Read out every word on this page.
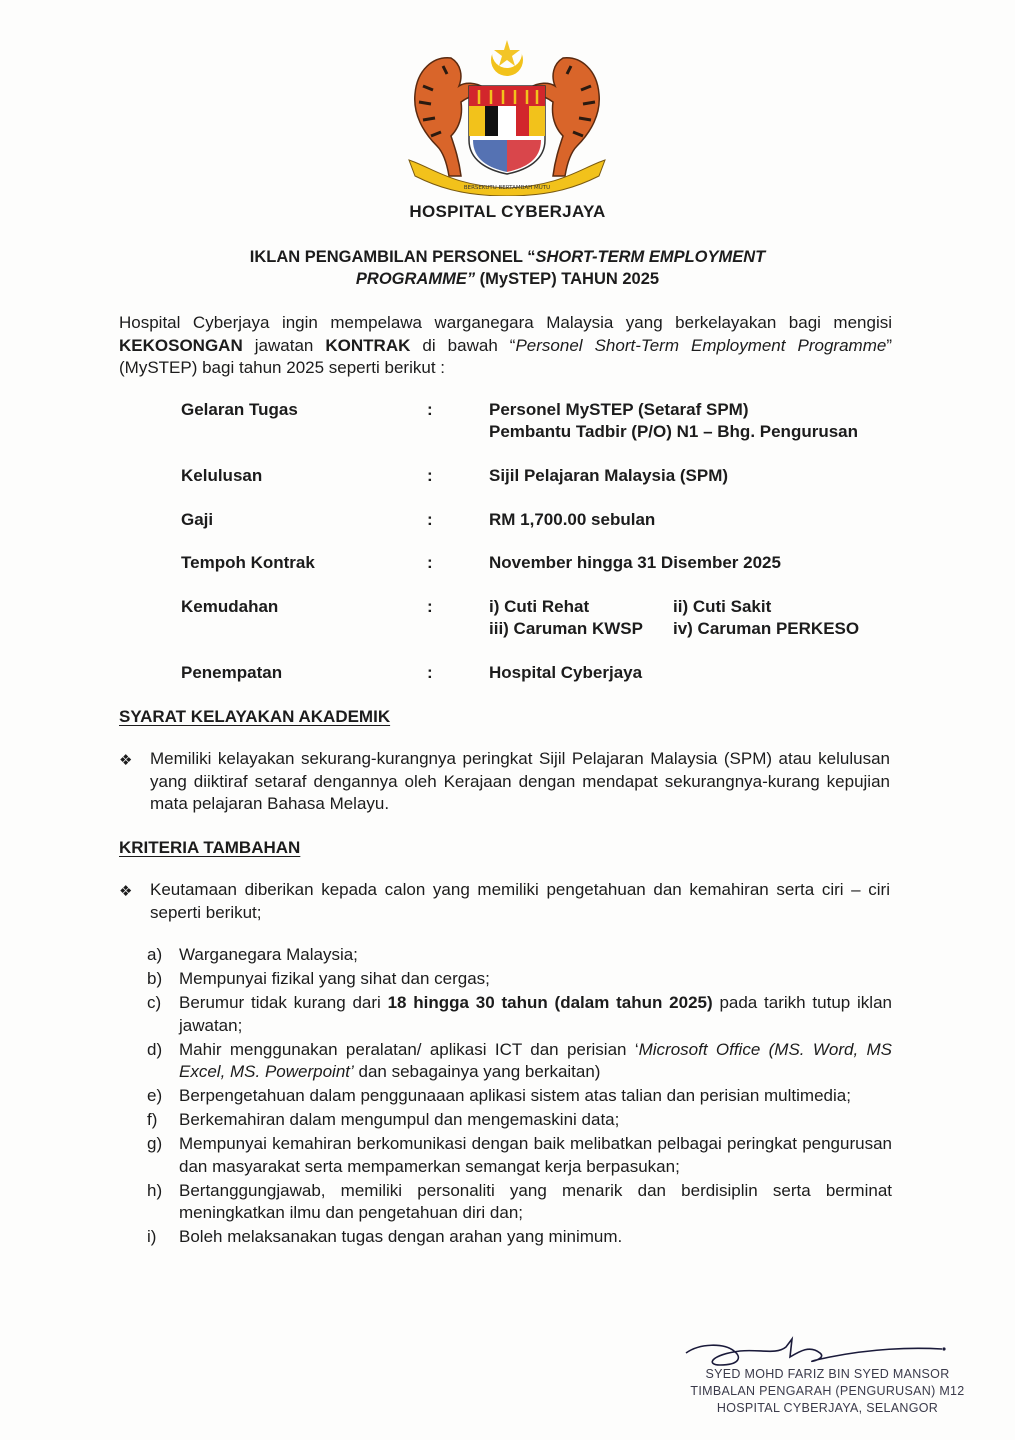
BERSEKUTU BERTAMBAH MUTU
HOSPITAL CYBERJAYA
IKLAN PENGAMBILAN PERSONEL “SHORT-TERM EMPLOYMENT
PROGRAMME” (MySTEP) TAHUN 2025
Hospital Cyberjaya ingin mempelawa warganegara Malaysia yang berkelayakan bagi mengisi KEKOSONGAN jawatan KONTRAK di bawah “Personel Short-Term Employment Programme” (MySTEP) bagi tahun 2025 seperti berikut :
Gelaran Tugas	:	Personel MySTEP (Setaraf SPM)
Pembantu Tadbir (P/O) N1 – Bhg. Pengurusan
Kelulusan	:	Sijil Pelajaran Malaysia (SPM)
Gaji	:	RM 1,700.00 sebulan
Tempoh Kontrak	:	November hingga 31 Disember 2025
Kemudahan	:	i) Cuti Rehat	ii) Cuti Sakit
iii) Caruman KWSP iv) Caruman PERKESO
Penempatan	:	Hospital Cyberjaya
SYARAT KELAYAKAN AKADEMIK
❖ Memiliki kelayakan sekurang-kurangnya peringkat Sijil Pelajaran Malaysia (SPM) atau kelulusan yang diiktiraf setaraf dengannya oleh Kerajaan dengan mendapat sekurangnya-kurang kepujian mata pelajaran Bahasa Melayu.
KRITERIA TAMBAHAN
❖ Keutamaan diberikan kepada calon yang memiliki pengetahuan dan kemahiran serta ciri – ciri seperti berikut;
a) Warganegara Malaysia;
b) Mempunyai fizikal yang sihat dan cergas;
c) Berumur tidak kurang dari 18 hingga 30 tahun (dalam tahun 2025) pada tarikh tutup iklan jawatan;
d) Mahir menggunakan peralatan/ aplikasi ICT dan perisian ‘Microsoft Office (MS. Word, MS Excel, MS. Powerpoint’ dan sebagainya yang berkaitan)
e) Berpengetahuan dalam penggunaaan aplikasi sistem atas talian dan perisian multimedia;
f) Berkemahiran dalam mengumpul dan mengemaskini data;
g) Mempunyai kemahiran berkomunikasi dengan baik melibatkan pelbagai peringkat pengurusan dan masyarakat serta mempamerkan semangat kerja berpasukan;
h) Bertanggungjawab, memiliki personaliti yang menarik dan berdisiplin serta berminat meningkatkan ilmu dan pengetahuan diri dan;
i) Boleh melaksanakan tugas dengan arahan yang minimum.
SYED MOHD FARIZ BIN SYED MANSOR
TIMBALAN PENGARAH (PENGURUSAN) M12
HOSPITAL CYBERJAYA, SELANGOR
